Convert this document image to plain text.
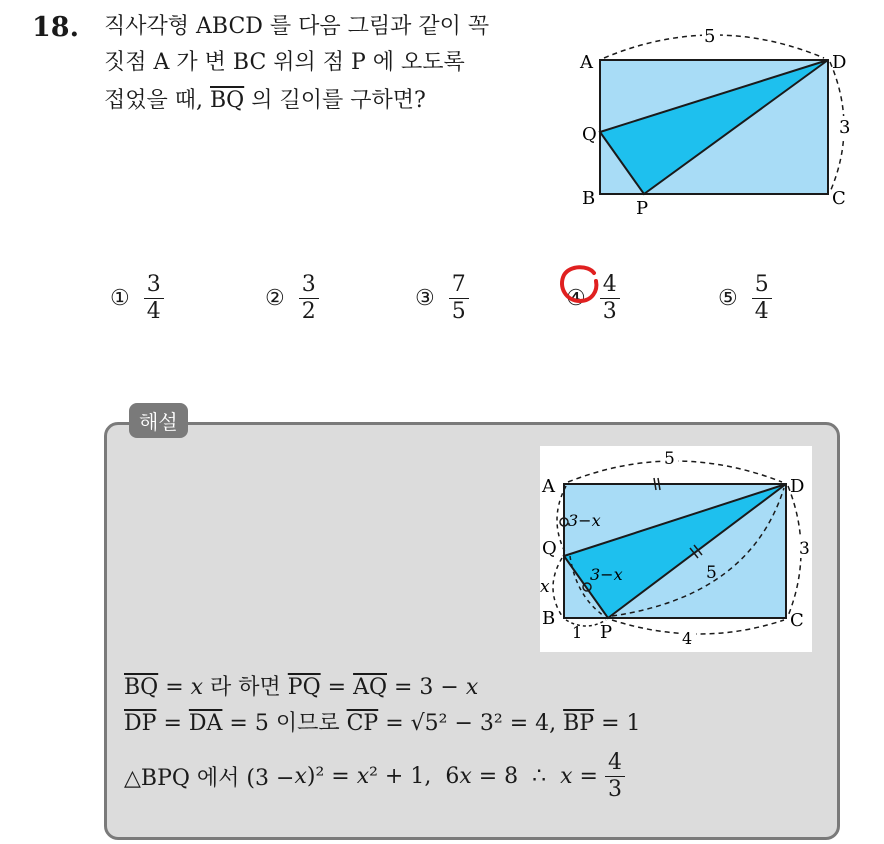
18. 직사각형 ABCD 를 다음 그림과 같이 꼭
짓점 A 가 변 BC 위의 점 P 에 오도록
접었을 때, $\overline{BQ}$ 의 길이를 구하면?
A	D
Q
B P	C
5
3
① $\frac{3}{4}$	② $\frac{3}{2}$	③ $\frac{7}{5}$	④ $\frac{4}{3}$	⑤ $\frac{5}{4}$
해설
A	D
Q
B
P
C
5
3
3−x
3−x	5
x
1	4
$\overline{BQ} = x$ 라 하면 $\overline{PQ} = \overline{AQ} = 3 - x$
$\overline{DP} = \overline{DA} = 5$ 이므로 $\overline{CP} = √5^2 - 3^2 = 4$, $\overline{BP} = 1$
△BPQ 에서 (3 − x )² = x ² + 1,  6 x = 8  ∴ $x = \frac{4}{3}$
